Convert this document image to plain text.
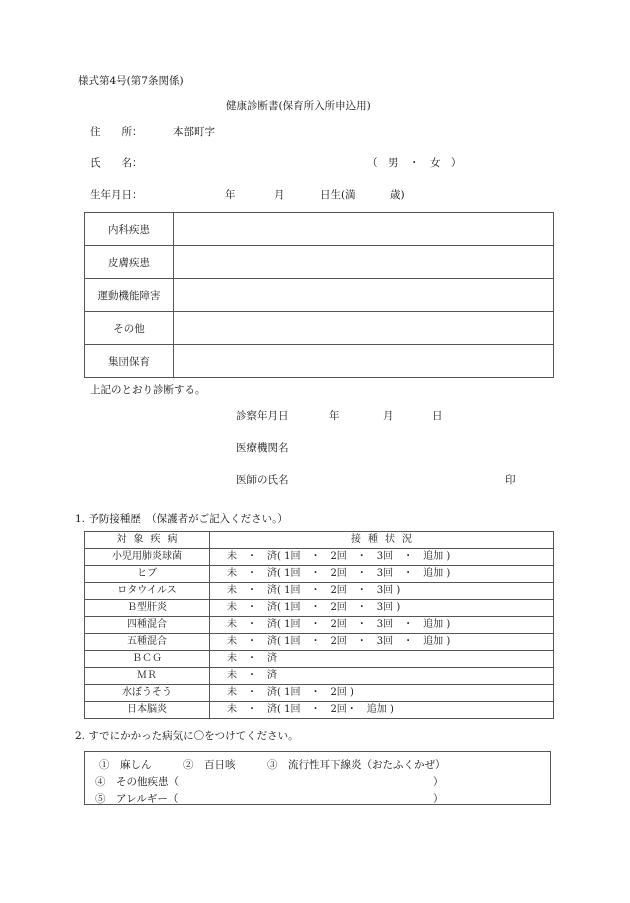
様式第4号(第7条関係)
健康診断書(保育所入所申込用)
住　　所：	本部町字
氏　　名：	（　男　・　女　）
生年月日：	年	月	日生(満	歳)
内科疾患	
皮膚疾患	
運動機能障害	
その他	
集団保育	
上記のとおり診断する。
診察年月日	年	月	日
医療機関名
医師の氏名	印
1. 予防接種歴　（保護者がご記入ください。）
対象疾病	接種状況
小児用肺炎球菌	未　・　済( 1回　・　2回　・　3回　・　追加 )
ヒブ	未　・　済( 1回　・　2回　・　3回　・　追加 )
ロタウイルス	未　・　済( 1回　・　2回　・　3回 )
Ｂ型肝炎	未　・　済( 1回　・　2回　・　3回 )
四種混合	未　・　済( 1回　・　2回　・　3回　・　追加 )
五種混合	未　・　済( 1回　・　2回　・　3回　・　追加 )
ＢＣＧ	未　・　済
ＭＲ	未　・　済
水ぼうそう	未　・　済( 1回　・　2回 )
日本脳炎	未　・　済( 1回　・　2回・　追加 )
2. すでにかかった病気に〇をつけてください。
①　麻しん　　　②　百日咳　　　③　流行性耳下線炎（おたふくかぜ）
④　その他疾患（	）
⑤　アレルギー（	）
